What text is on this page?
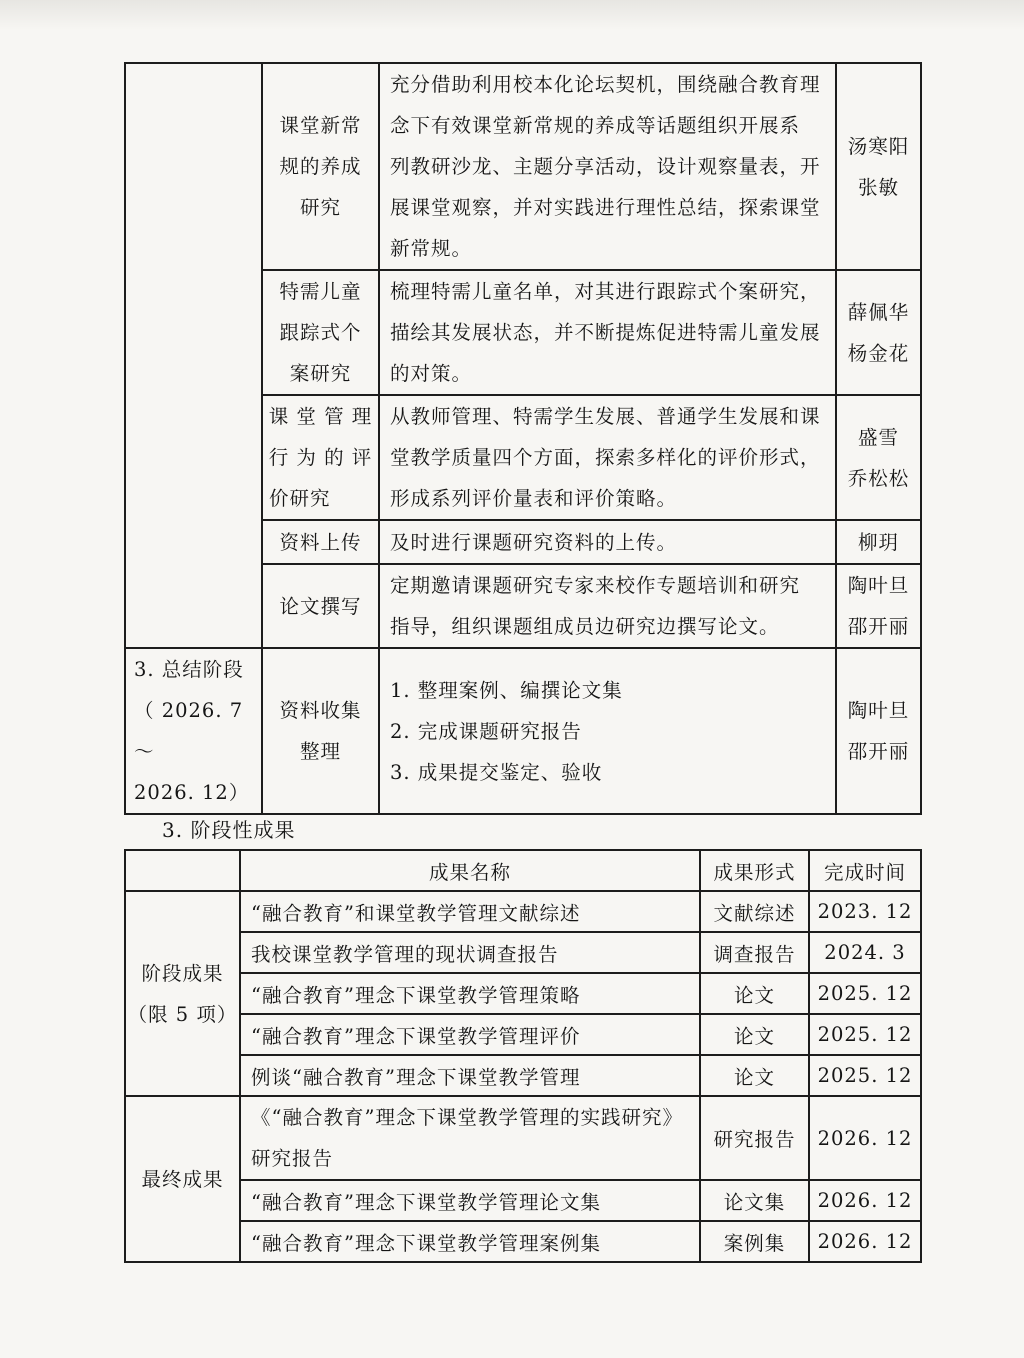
	课堂新常
规的养成
研究	充分借助利用校本化论坛契机，围绕融合教育理
念下有效课堂新常规的养成等话题组织开展系
列教研沙龙、主题分享活动，设计观察量表，开
展课堂观察，并对实践进行理性总结，探索课堂
新常规。	汤寒阳
张敏

	特需儿童
跟踪式个
案研究	梳理特需儿童名单，对其进行跟踪式个案研究，
描绘其发展状态，并不断提炼促进特需儿童发展
的对策。	薛佩华
杨金花

	课 堂 管 理
行 为 的 评
价研究	从教师管理、特需学生发展、普通学生发展和课
堂教学质量四个方面，探索多样化的评价形式，
形成系列评价量表和评价策略。	盛雪
乔松松

	资料上传	及时进行课题研究资料的上传。	柳玥

	论文撰写	定期邀请课题研究专家来校作专题培训和研究
指导，组织课题组成员边研究边撰写论文。	陶叶旦
邵开丽

3. 总结阶段
（ 2026. 7 ～
2026. 12）	资料收集
整理	1. 整理案例、编撰论文集
2. 完成课题研究报告
3. 成果提交鉴定、验收	陶叶旦
邵开丽
3. 阶段性成果
	成果名称	成果形式	完成时间

阶段成果
（限 5 项）	“融合教育”和课堂教学管理文献综述	文献综述	2023. 12
	我校课堂教学管理的现状调查报告	调查报告	2024. 3
	“融合教育”理念下课堂教学管理策略	论文	2025. 12
	“融合教育”理念下课堂教学管理评价	论文	2025. 12
	例谈“融合教育”理念下课堂教学管理	论文	2025. 12
最终成果	《“融合教育”理念下课堂教学管理的实践研究》
研究报告	研究报告	2026. 12
	“融合教育”理念下课堂教学管理论文集	论文集	2026. 12
	“融合教育”理念下课堂教学管理案例集	案例集	2026. 12
